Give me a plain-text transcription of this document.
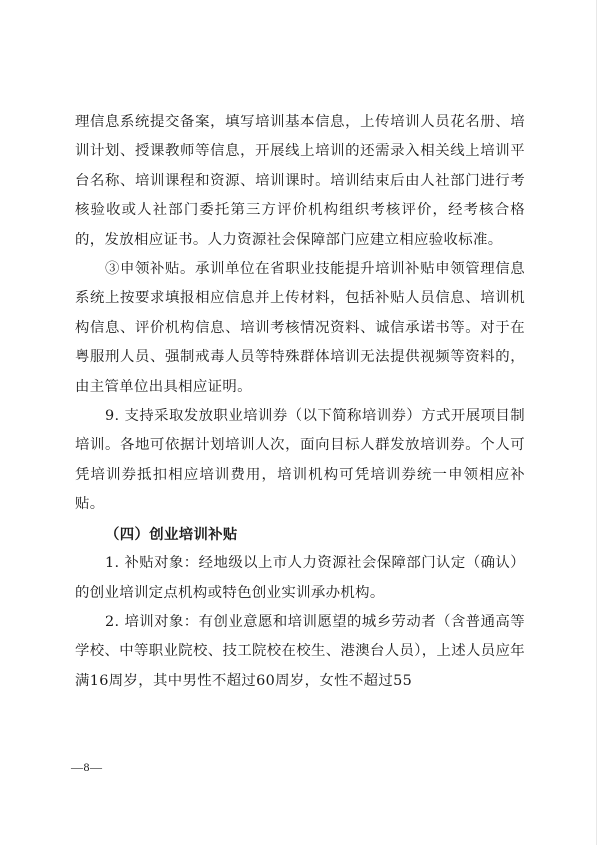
理信息系统提交备案，填写培训基本信息，上传培训人员花名册、培训计划、授课教师等信息，开展线上培训的还需录入相关线上培训平台名称、培训课程和资源、培训课时。培训结束后由人社部门进行考核验收或人社部门委托第三方评价机构组织考核评价，经考核合格的，发放相应证书。人力资源社会保障部门应建立相应验收标准。

③申领补贴。承训单位在省职业技能提升培训补贴申领管理信息系统上按要求填报相应信息并上传材料，包括补贴人员信息、培训机构信息、评价机构信息、培训考核情况资料、诚信承诺书等。对于在粤服刑人员、强制戒毒人员等特殊群体培训无法提供视频等资料的，由主管单位出具相应证明。

9. 支持采取发放职业培训券（以下简称培训券）方式开展项目制培训。各地可依据计划培训人次，面向目标人群发放培训券。个人可凭培训券抵扣相应培训费用，培训机构可凭培训券统一申领相应补贴。

（四）创业培训补贴

1. 补贴对象：经地级以上市人力资源社会保障部门认定（确认）的创业培训定点机构或特色创业实训承办机构。

2. 培训对象：有创业意愿和培训愿望的城乡劳动者（含普通高等学校、中等职业院校、技工院校在校生、港澳台人员），上述人员应年满16周岁，其中男性不超过60周岁，女性不超过55

—8—
